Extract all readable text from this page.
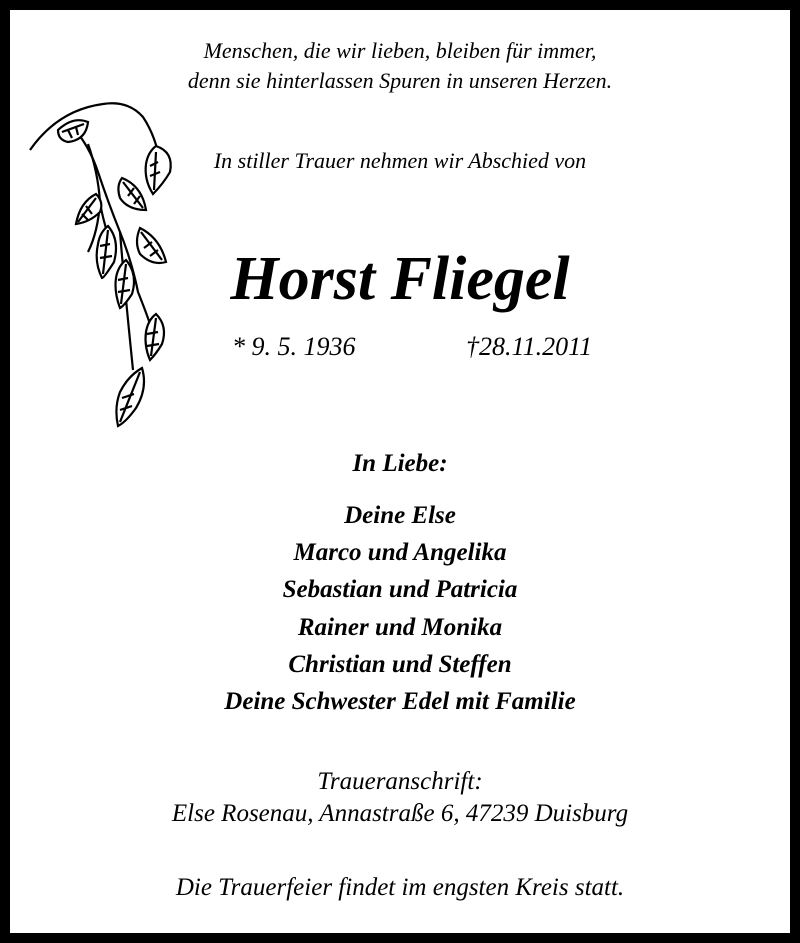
Menschen, die wir lieben, bleiben für immer,
denn sie hinterlassen Spuren in unseren Herzen.
In stiller Trauer nehmen wir Abschied von
Horst Fliegel
* 9. 5. 1936	†28.11.2011
In Liebe:
Deine Else
Marco und Angelika
Sebastian und Patricia
Rainer und Monika
Christian und Steffen
Deine Schwester Edel mit Familie
Traueranschrift:
Else Rosenau, Annastraße 6, 47239 Duisburg
Die Trauerfeier findet im engsten Kreis statt.
